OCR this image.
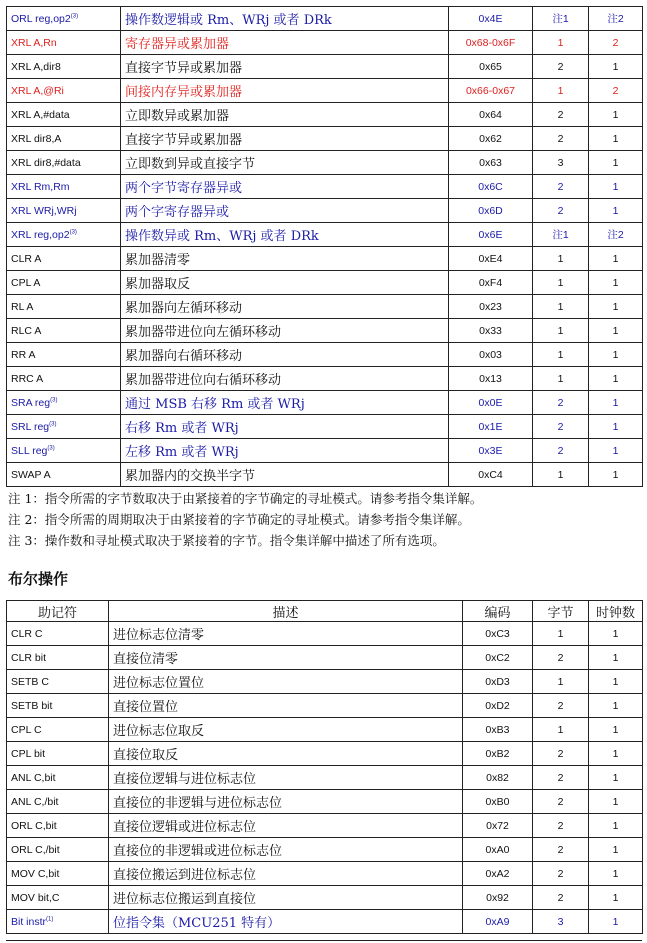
ORL reg,op2$^{(3)}$	操作数逻辑或 Rm、WRj 或者 DRk	0x4E	注1	注2
XRL A,Rn	寄存器异或累加器	0x68-0x6F	1	2
XRL A,dir8	直接字节异或累加器	0x65	2	1
XRL A,@Ri	间接内存异或累加器	0x66-0x67	1	2
XRL A,#data	立即数异或累加器	0x64	2	1
XRL dir8,A	直接字节异或累加器	0x62	2	1
XRL dir8,#data	立即数到异或直接字节	0x63	3	1
XRL Rm,Rm	两个字节寄存器异或	0x6C	2	1
XRL WRj,WRj	两个字寄存器异或	0x6D	2	1
XRL reg,op2$^{(3)}$	操作数异或 Rm、WRj 或者 DRk	0x6E	注1	注2
CLR A	累加器清零	0xE4	1	1
CPL A	累加器取反	0xF4	1	1
RL A	累加器向左循环移动	0x23	1	1
RLC A	累加器带进位向左循环移动	0x33	1	1
RR A	累加器向右循环移动	0x03	1	1
RRC A	累加器带进位向右循环移动	0x13	1	1
SRA reg$^{(3)}$	通过 MSB 右移 Rm 或者 WRj	0x0E	2	1
SRL reg$^{(3)}$	右移 Rm 或者 WRj	0x1E	2	1
SLL reg$^{(3)}$	左移 Rm 或者 WRj	0x3E	2	1
SWAP A	累加器内的交换半字节	0xC4	1	1
注 1：指令所需的字节数取决于由紧接着的字节确定的寻址模式。请参考指令集详解。
注 2：指令所需的周期取决于由紧接着的字节确定的寻址模式。请参考指令集详解。
注 3：操作数和寻址模式取决于紧接着的字节。指令集详解中描述了所有选项。
布尔操作
助记符	描述	编码	字节	时钟数
CLR C	进位标志位清零	0xC3	1	1
CLR bit	直接位清零	0xC2	2	1
SETB C	进位标志位置位	0xD3	1	1
SETB bit	直接位置位	0xD2	2	1
CPL C	进位标志位取反	0xB3	1	1
CPL bit	直接位取反	0xB2	2	1
ANL C,bit	直接位逻辑与进位标志位	0x82	2	1
ANL C,/bit	直接位的非逻辑与进位标志位	0xB0	2	1
ORL C,bit	直接位逻辑或进位标志位	0x72	2	1
ORL C,/bit	直接位的非逻辑或进位标志位	0xA0	2	1
MOV C,bit	直接位搬运到进位标志位	0xA2	2	1
MOV bit,C	进位标志位搬运到直接位	0x92	2	1
Bit instr$^{(1)}$	位指令集（MCU251 特有）	0xA9	3	1
